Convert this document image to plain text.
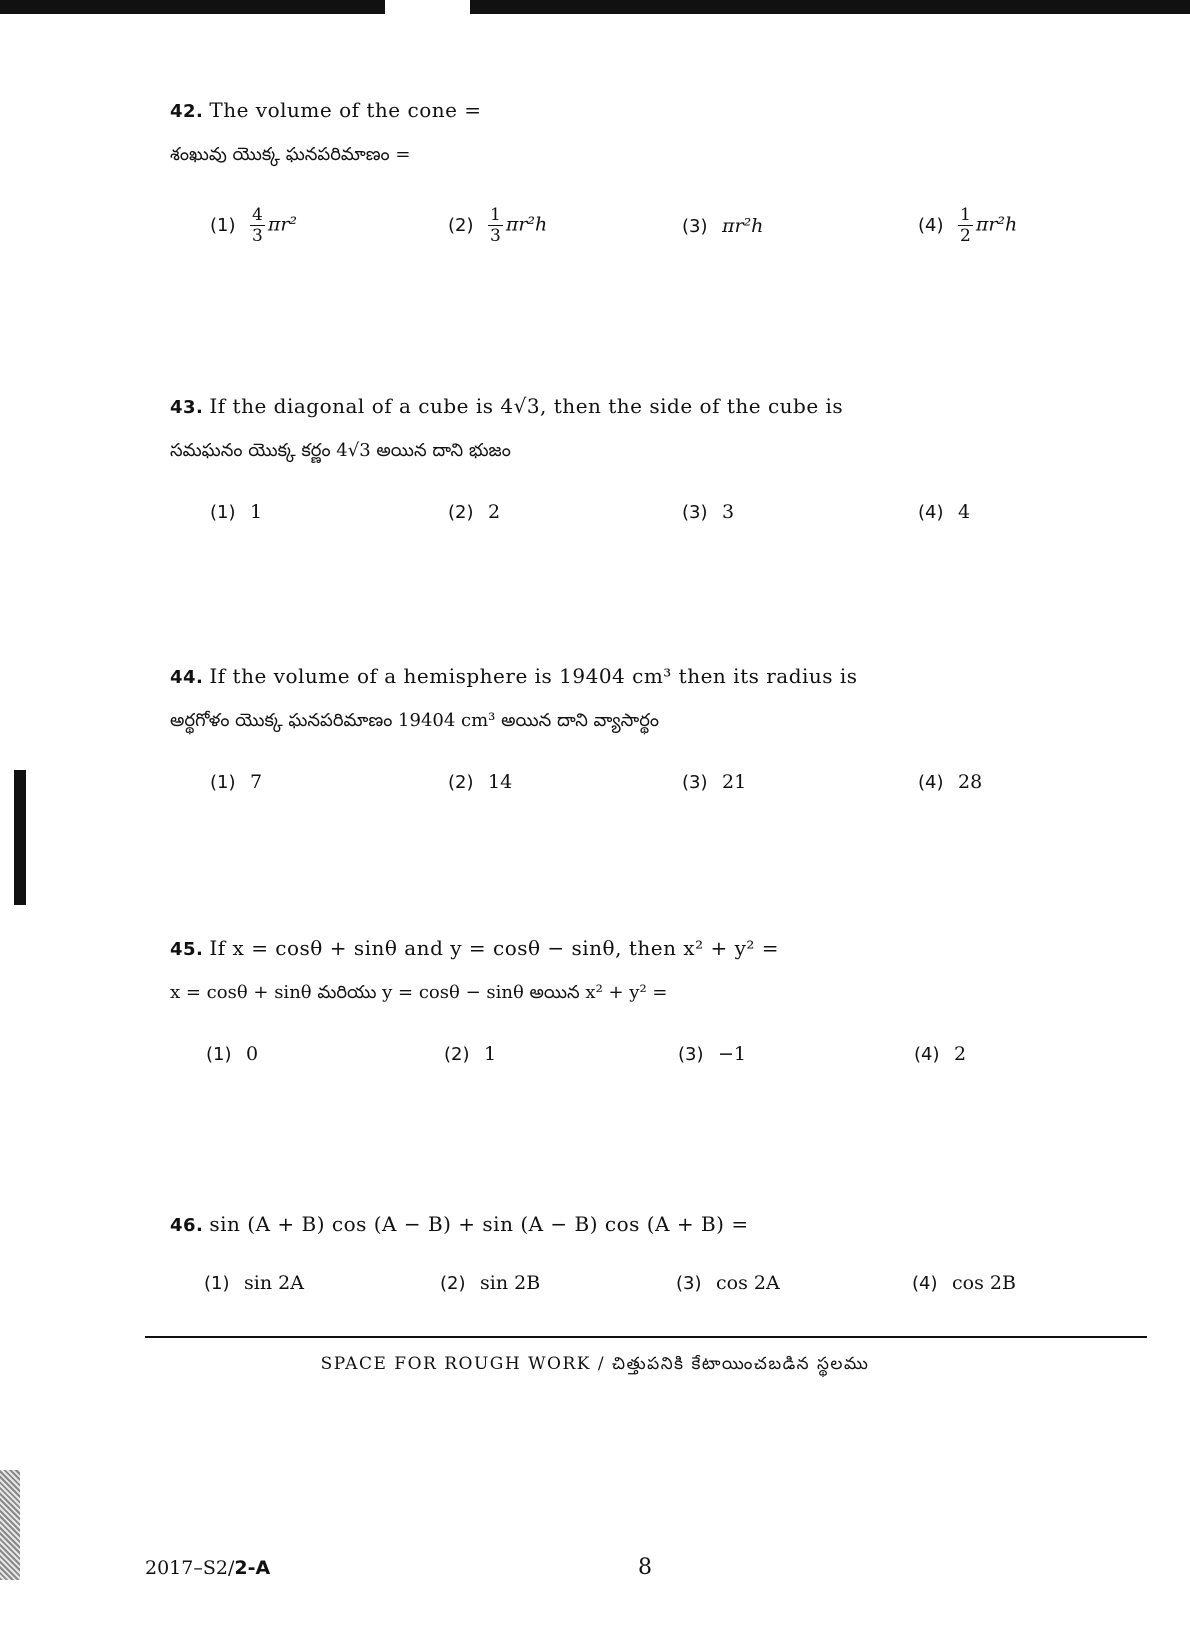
42. The volume of the cone =
శంఖువు యొక్క ఘనపరిమాణం =
$(1) \frac{4}{3} \pi r^2$	$(2) \frac{1}{3} \pi r^2h$	(3) πr²h	$(4) \frac{1}{2} \pi r^2h$
43. If the diagonal of a cube is 4√3, then the side of the cube is
సమఘనం యొక్క కర్ణం 4√3 అయిన దాని భుజం
(1) 1	(2) 2	(3) 3	(4) 4
44. If the volume of a hemisphere is 19404 cm³ then its radius is
అర్థగోళం యొక్క ఘనపరిమాణం 19404 cm³ అయిన దాని వ్యాసార్థం
(1) 7	(2) 14	(3) 21	(4) 28
45. If x = cosθ + sinθ and y = cosθ − sinθ, then x² + y² =
x = cosθ + sinθ మరియు y = cosθ − sinθ అయిన x² + y² =
(1) 0	(2) 1	(3) −1	(4) 2
46. sin (A + B) cos (A − B) + sin (A − B) cos (A + B) =
(1) sin 2A	(2) sin 2B	(3) cos 2A	(4) cos 2B
SPACE FOR ROUGH WORK / చిత్తుపనికి కేటాయించబడిన స్థలము
2017–S2/2-A	8
